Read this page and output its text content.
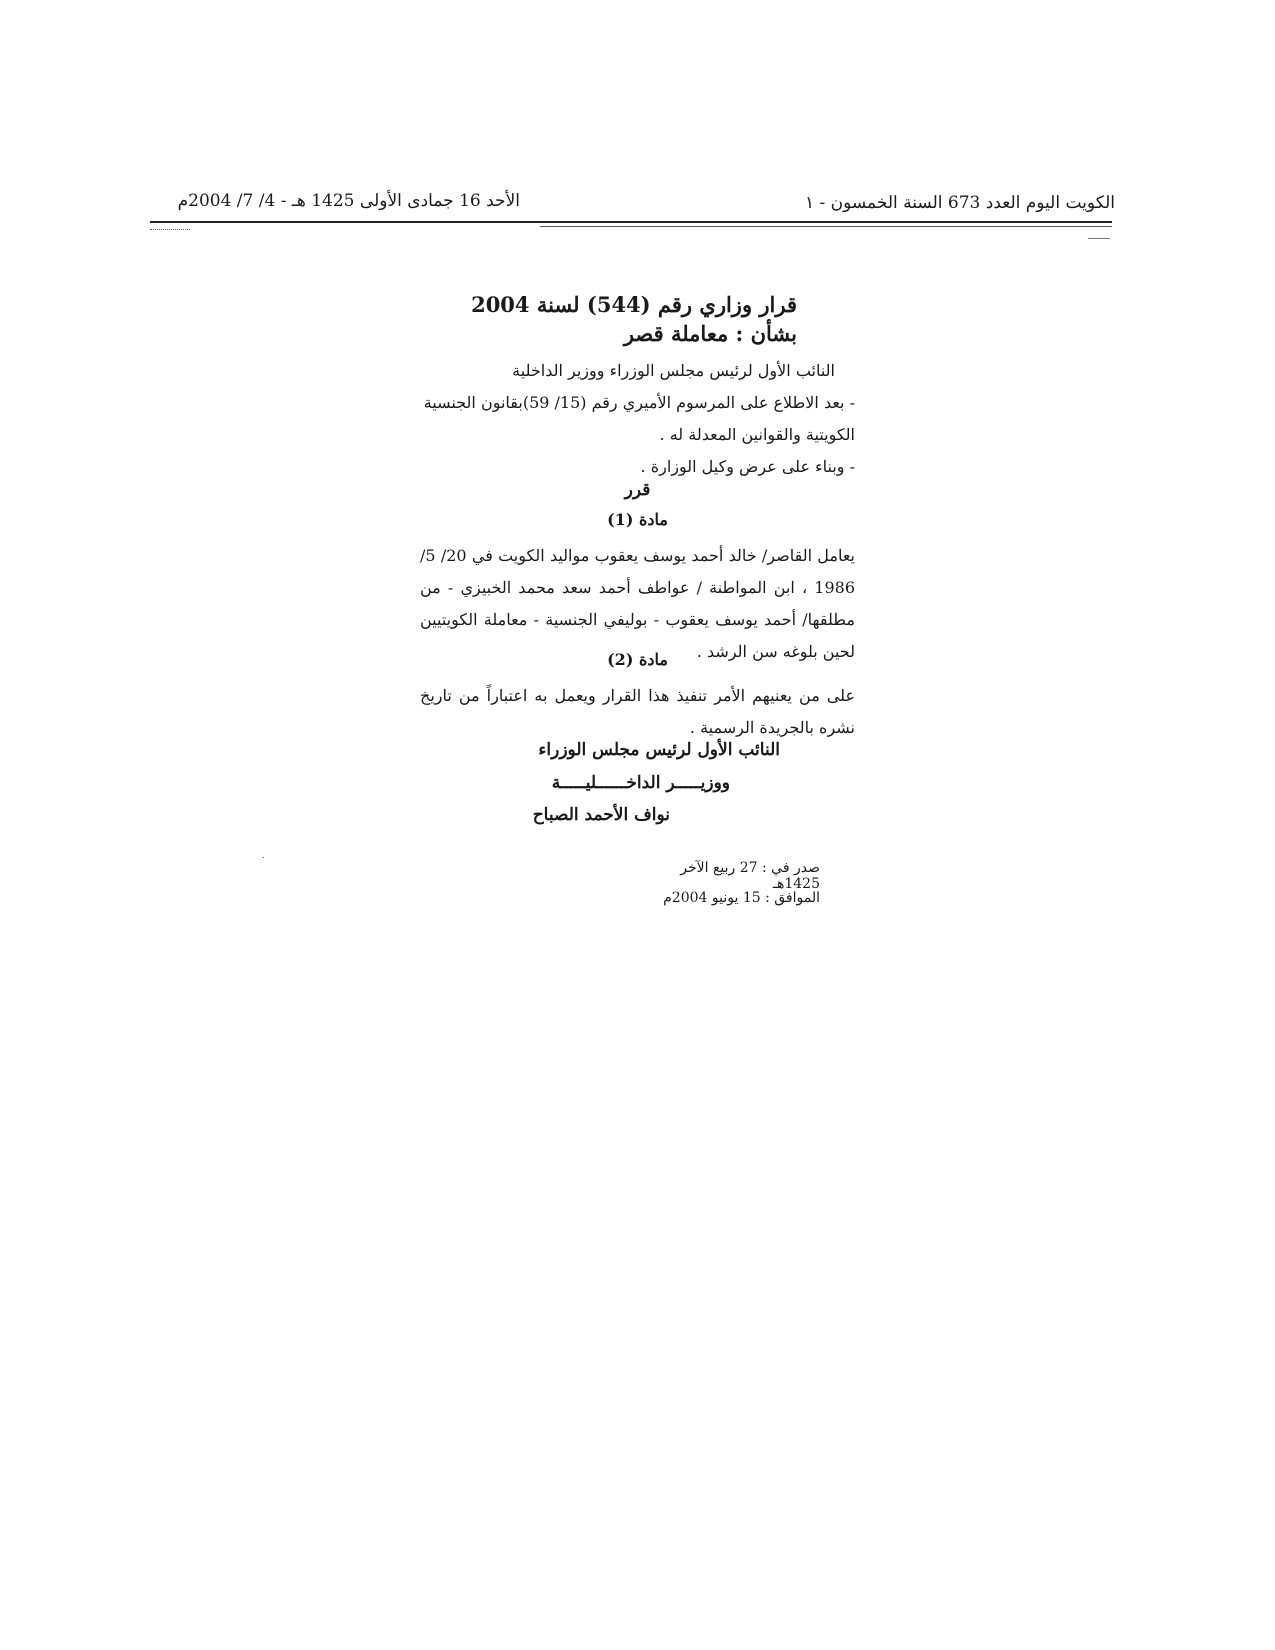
الكويت اليوم العدد 673 السنة الخمسون - ١
الأحد 16 جمادى الأولى 1425 هـ - 4/ 7/ 2004م
قرار وزاري رقم (544) لسنة 2004
بشأن : معاملة قصر
النائب الأول لرئيس مجلس الوزراء ووزير الداخلية
- بعد الاطلاع على المرسوم الأميري رقم (15/ 59)بقانون الجنسية الكويتية والقوانين المعدلة له .
- وبناء على عرض وكيل الوزارة .
قرر
مادة (1)
يعامل القاصر/ خالد أحمد يوسف يعقوب مواليد الكويت في 20/ 5/ 1986 ، ابن المواطنة / عواطف أحمد سعد محمد الخبيزي - من مطلقها/ أحمد يوسف يعقوب - بوليفي الجنسية - معاملة الكويتيين لحين بلوغه سن الرشد .
مادة (2)
على من يعنيهم الأمر تنفيذ هذا القرار ويعمل به اعتباراً من تاريخ نشره بالجريدة الرسمية .
النائب الأول لرئيس مجلس الوزراء
ووزيـــــر الداخــــــليـــــة
نواف الأحمد الصباح
صدر في : 27 ربيع الآخر 1425هـ
الموافق : 15 يونيو 2004م
